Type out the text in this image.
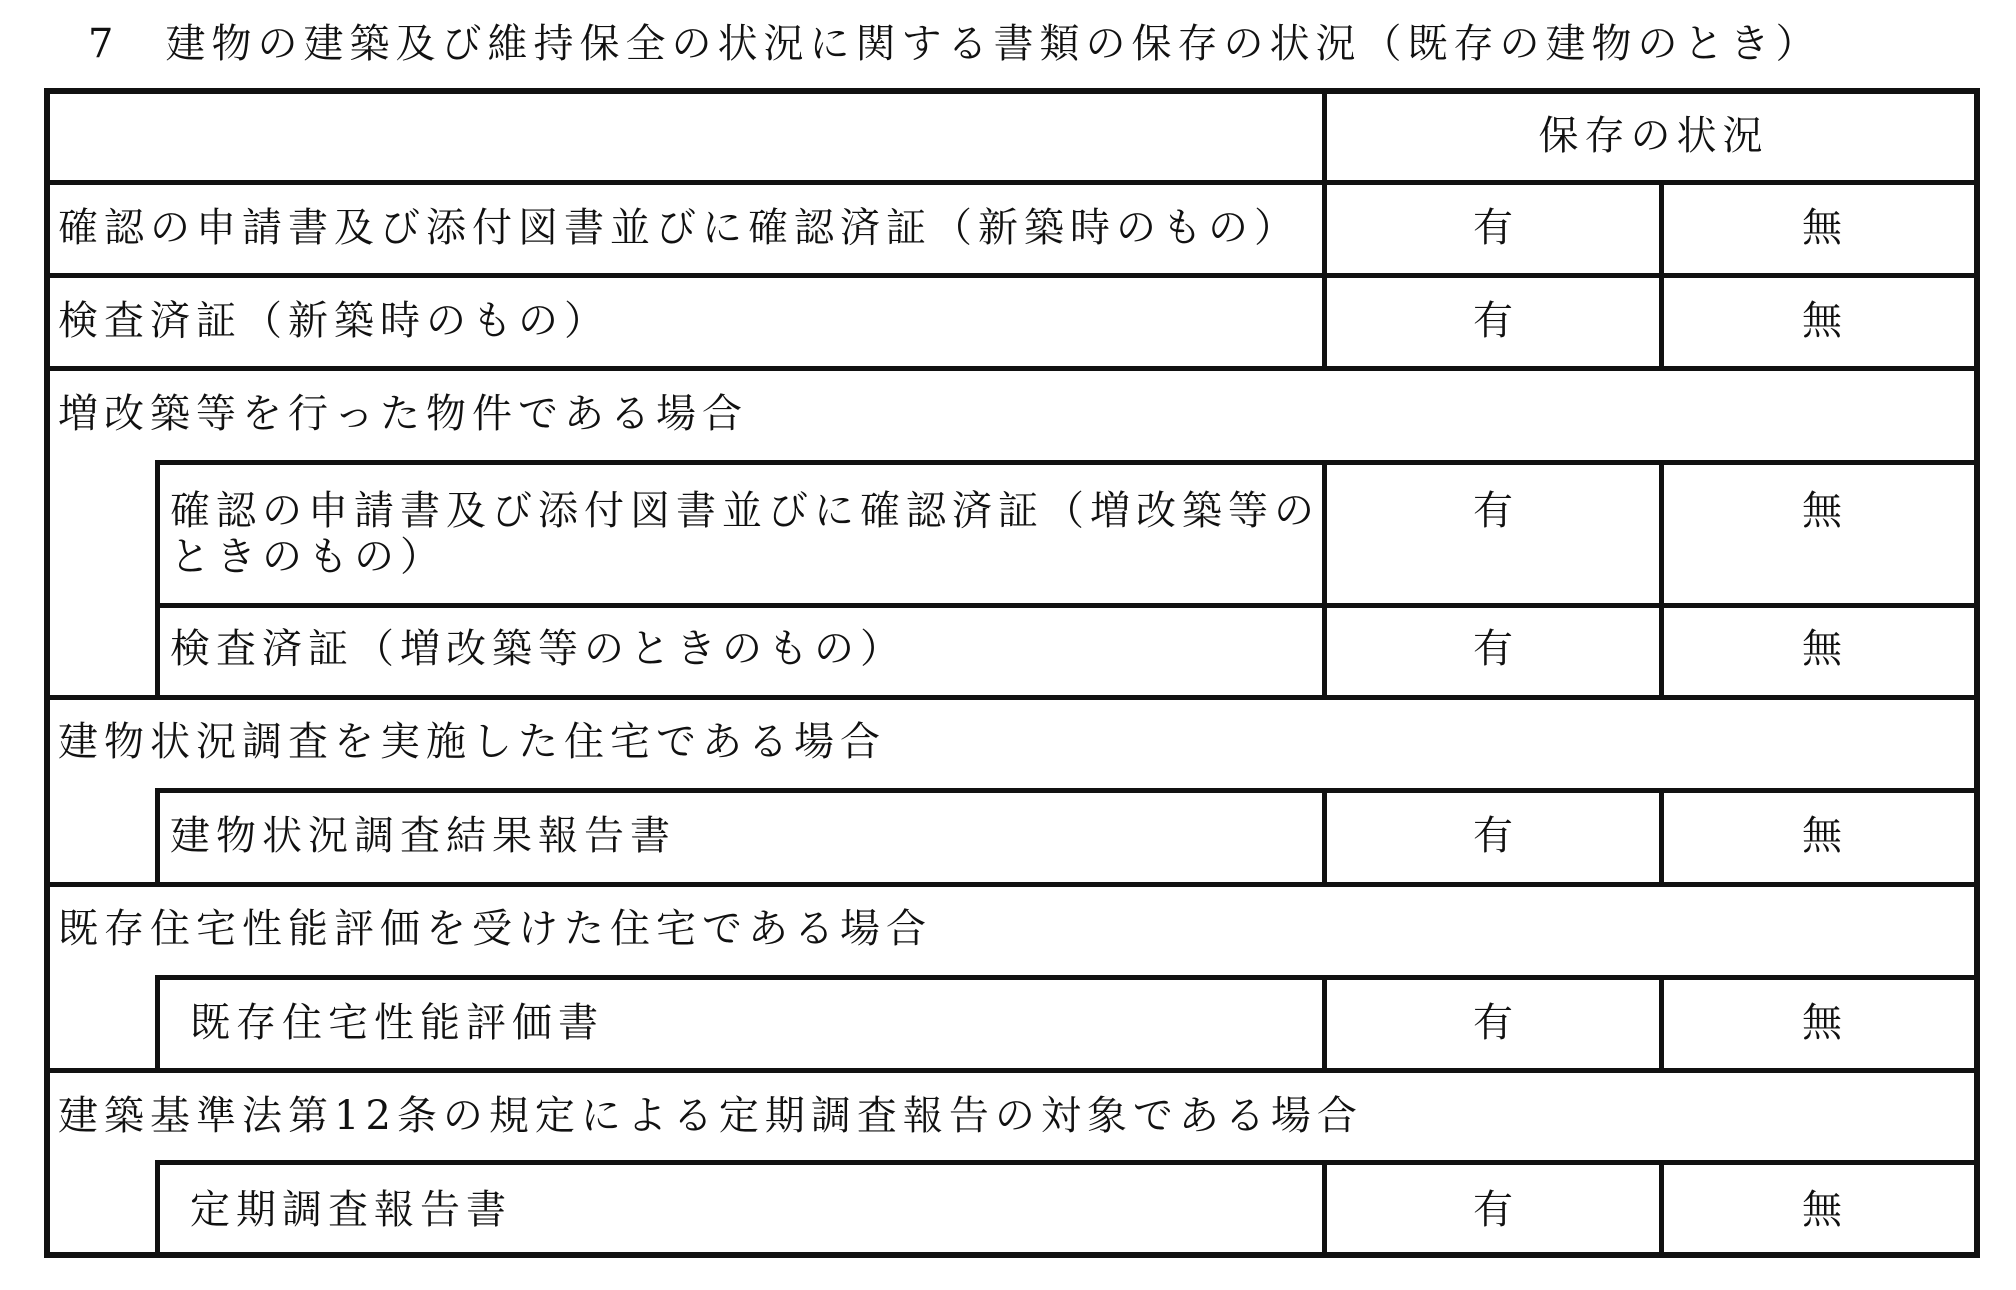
7　建物の建築及び維持保全の状況に関する書類の保存の状況（既存の建物のとき）
保存の状況
確認の申請書及び添付図書並びに確認済証（新築時のもの）	有	無
検査済証（新築時のもの）	有	無
増改築等を行った物件である場合
確認の申請書及び添付図書並びに確認済証（増改築等の
ときのもの）
有	無
検査済証（増改築等のときのもの）	有	無
建物状況調査を実施した住宅である場合
建物状況調査結果報告書	有	無
既存住宅性能評価を受けた住宅である場合
既存住宅性能評価書	有	無
建築基準法第12条の規定による定期調査報告の対象である場合
定期調査報告書	有	無
